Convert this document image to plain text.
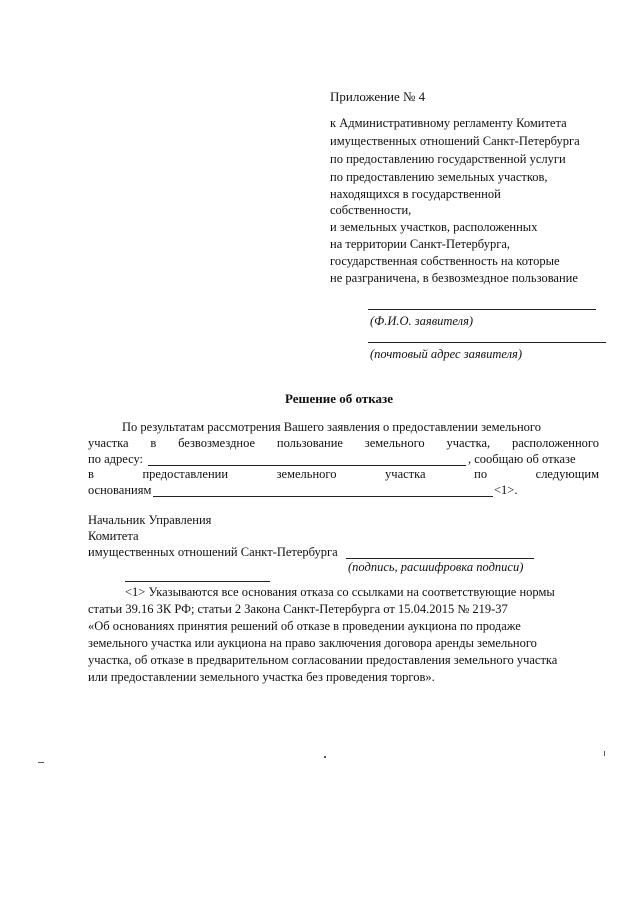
Приложение № 4
к Административному регламенту Комитета
имущественных отношений Санкт-Петербурга
по предоставлению государственной услуги
по предоставлению земельных участков,
находящихся в государственной
собственности,
и земельных участков, расположенных
на территории Санкт-Петербурга,
государственная собственность на которые
не разграничена, в безвозмездное пользование
(Ф.И.О. заявителя)
(почтовый адрес заявителя)
Решение об отказе
По результатам рассмотрения Вашего заявления о предоставлении земельного
участка в безвозмездное пользование земельного участка, расположенного
по адресу:	, сообщаю об отказе
в	предоставлении	земельного	участка	по	следующим
основаниям	<1>.
Начальник Управления
Комитета
имущественных отношений Санкт-Петербурга
(подпись, расшифровка подписи)
<1> Указываются все основания отказа со ссылками на соответствующие нормы
статьи 39.16 ЗК РФ; статьи 2 Закона Санкт-Петербурга от 15.04.2015 № 219-37
«Об основаниях принятия решений об отказе в проведении аукциона по продаже
земельного участка или аукциона на право заключения договора аренды земельного
участка, об отказе в предварительном согласовании предоставления земельного участка
или предоставлении земельного участка без проведения торгов».
